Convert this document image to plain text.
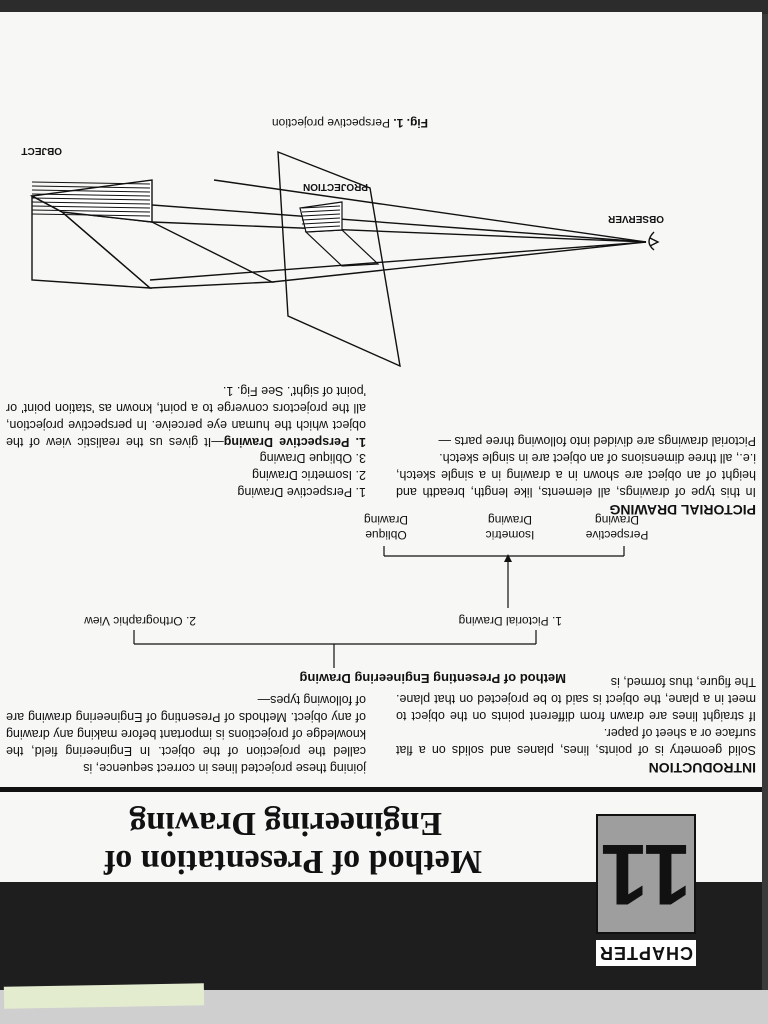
CHAPTER
11
Method of Presentation of
Engineering Drawing
INTRODUCTION
Solid geometry is of points, lines, planes and solids on a flat surface or a sheet of paper.
If straight lines are drawn from different points on the object to meet in a plane, the object is said to be projected on that plane. The figure, thus formed, is
joining these projected lines in correct sequence, is
called the projection of the object. In Engineering field, the knowledge of projections is important before making any drawing of any object. Methods of Presenting of Engineering drawing are of following types—
Method of Presenting Engineering Drawing
1. Pictorial Drawing
2. Orthographic View
Perspective Drawing
Isometric Drawing
Oblique Drawing
PICTORIAL DRAWING
In this type of drawings, all elements, like length, breadth and height of an object are shown in a drawing in a single sketch, i.e., all three dimensions of an object are in single sketch.
Pictorial drawings are divided into following three parts —
1. Perspective Drawing
2. Isometric Drawing
3. Oblique Drawing
1. Perspective Drawing—It gives us the realistic view of the object which the human eye perceive. In perspective projection, all the projectors converge to a point, known as 'station point' or 'point of sight'. See Fig. 1.
OBSERVER
PROJECTION
OBJECT
Fig. 1. Perspective projection
